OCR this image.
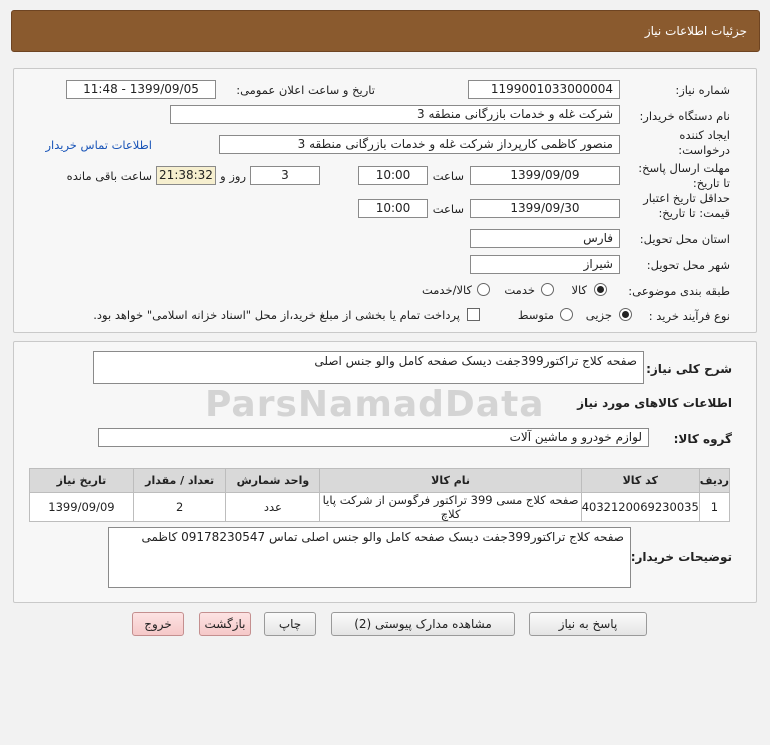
جزئیات اطلاعات نیاز
شماره نیاز:
1199001033000004
تاریخ و ساعت اعلان عمومی:
1399/09/05 - 11:48
نام دستگاه خریدار:
شرکت غله و خدمات بازرگانی منطقه 3
ایجاد کننده درخواست:
منصور کاظمی کارپرداز شرکت غله و خدمات بازرگانی منطقه 3
اطلاعات تماس خریدار
مهلت ارسال پاسخ: تا تاریخ:
1399/09/09
ساعت
10:00
3
روز و
21:38:32
ساعت باقی مانده
حداقل تاریخ اعتبار قیمت: تا تاریخ:
1399/09/30
ساعت
10:00
استان محل تحویل:
فارس
شهر محل تحویل:
شیراز
طبقه بندی موضوعی:
کالا
خدمت
کالا/خدمت
نوع فرآیند خرید :
جزیی
متوسط
پرداخت تمام یا بخشی از مبلغ خرید،از محل "اسناد خزانه اسلامی" خواهد بود.
ParsNamadData
شرح کلی نیاز:
صفحه کلاج تراکتور399جفت دیسک صفحه کامل والو جنس اصلی
اطلاعات کالاهای مورد نیاز
گروه کالا:
لوازم خودرو و ماشین آلات
ردیف	کد کالا	نام کالا	واحد شمارش	تعداد / مقدار	تاریخ نیاز
1	4032120069230035	صفحه کلاج مسی 399 تراکتور فرگوسن از شرکت پایا کلاچ	عدد	2	1399/09/09
توضیحات خریدار:
صفحه کلاج تراکتور399جفت دیسک صفحه کامل والو جنس اصلی تماس 09178230547 کاظمی
پاسخ به نیاز
مشاهده مدارک پیوستی (2)
چاپ
بازگشت
خروج
